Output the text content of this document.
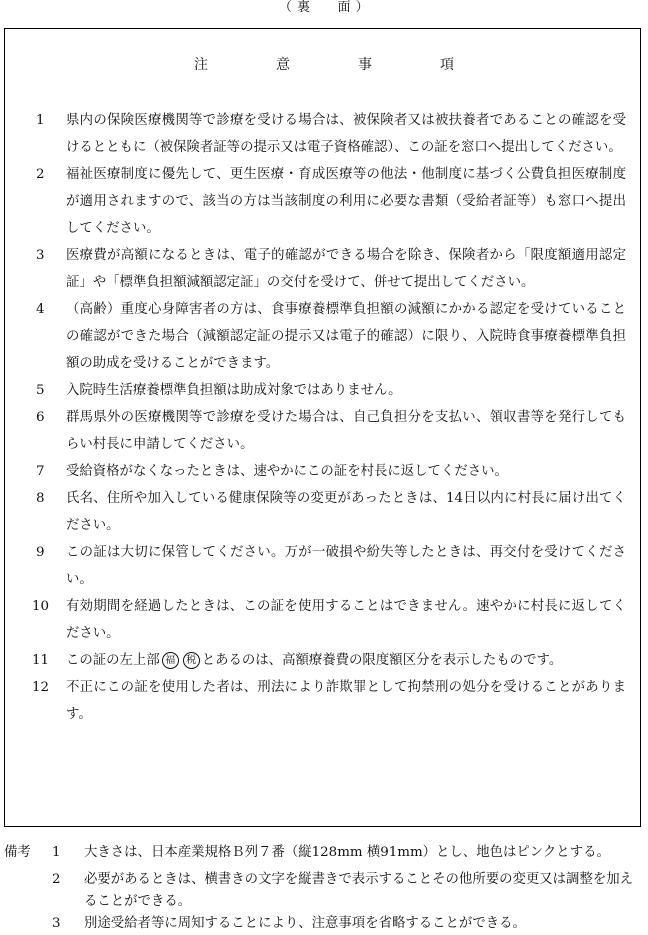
（ 裏　　面 ）
注	意	事	項
1	県内の保険医療機関等で診療を受ける場合は、被保険者又は被扶養者であることの確認を受けるとともに（被保険者証等の提示又は電子資格確認）、この証を窓口へ提出してください。
2	福祉医療制度に優先して、更生医療・育成医療等の他法・他制度に基づく公費負担医療制度が適用されますので、該当の方は当該制度の利用に必要な書類（受給者証等）も窓口へ提出してください。
3	医療費が高額になるときは、電子的確認ができる場合を除き、保険者から「限度額適用認定証」や「標準負担額減額認定証」の交付を受けて、併せて提出してください。
4	（高齢）重度心身障害者の方は、食事療養標準負担額の減額にかかる認定を受けていることの確認ができた場合（減額認定証の提示又は電子的確認）に限り、入院時食事療養標準負担額の助成を受けることができます。
5	入院時生活療養標準負担額は助成対象ではありません。
6	群馬県外の医療機関等で診療を受けた場合は、自己負担分を支払い、領収書等を発行してもらい村長に申請してください。
7	受給資格がなくなったときは、速やかにこの証を村長に返してください。
8	氏名、住所や加入している健康保険等の変更があったときは、14日以内に村長に届け出てください。
9	この証は大切に保管してください。万が一破損や紛失等したときは、再交付を受けてください。
10	有効期間を経過したときは、この証を使用することはできません。速やかに村長に返してください。
11	この証の左上部 福 税 とあるのは、高額療養費の限度額区分を表示したものです。
12	不正にこの証を使用した者は、刑法により詐欺罪として拘禁刑の処分を受けることがあります。
備考	1	大きさは、日本産業規格Ｂ列７番（縦128mm 横91mm）とし、地色はピンクとする。
2	必要があるときは、横書きの文字を縦書きで表示することその他所要の変更又は調整を加えることができる。
3	別途受給者等に周知することにより、注意事項を省略することができる。
